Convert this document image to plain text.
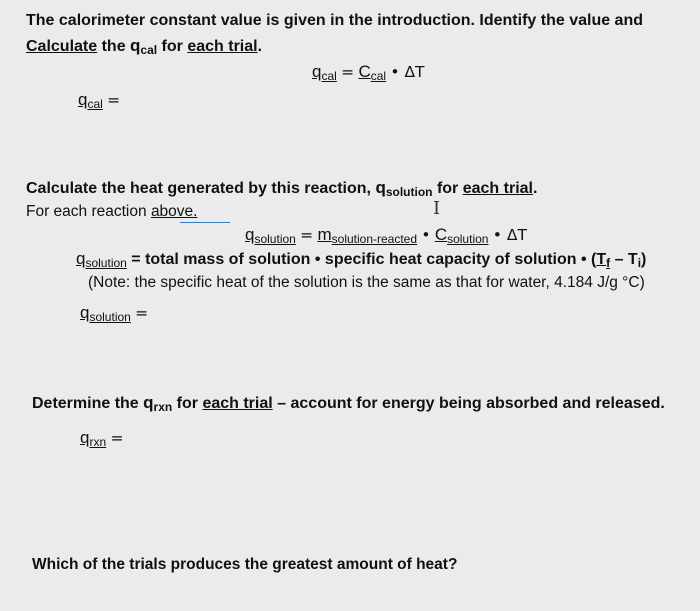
The calorimeter constant value is given in the introduction. Identify the value and
Calculate the $q_{cal}$ for each trial.
$q_{cal} = C_{cal}$ • ΔT
$q_{cal}$ =
Calculate the heat generated by this reaction, $q_{solution}$ for each trial.
For each reaction above.	I
$q_{solution} = m_{solution-reacted}$ • $C_{solution}$ • ΔT
$q_{solution}$ = total mass of solution • specific heat capacity of solution • $(T_f - T_i)$
(Note: the specific heat of the solution is the same as that for water, 4.184 J/g °C)
$q_{solution}$ =
Determine the $q_{rxn}$ for each trial – account for energy being absorbed and released.
$q_{rxn}$ =
Which of the trials produces the greatest amount of heat?
